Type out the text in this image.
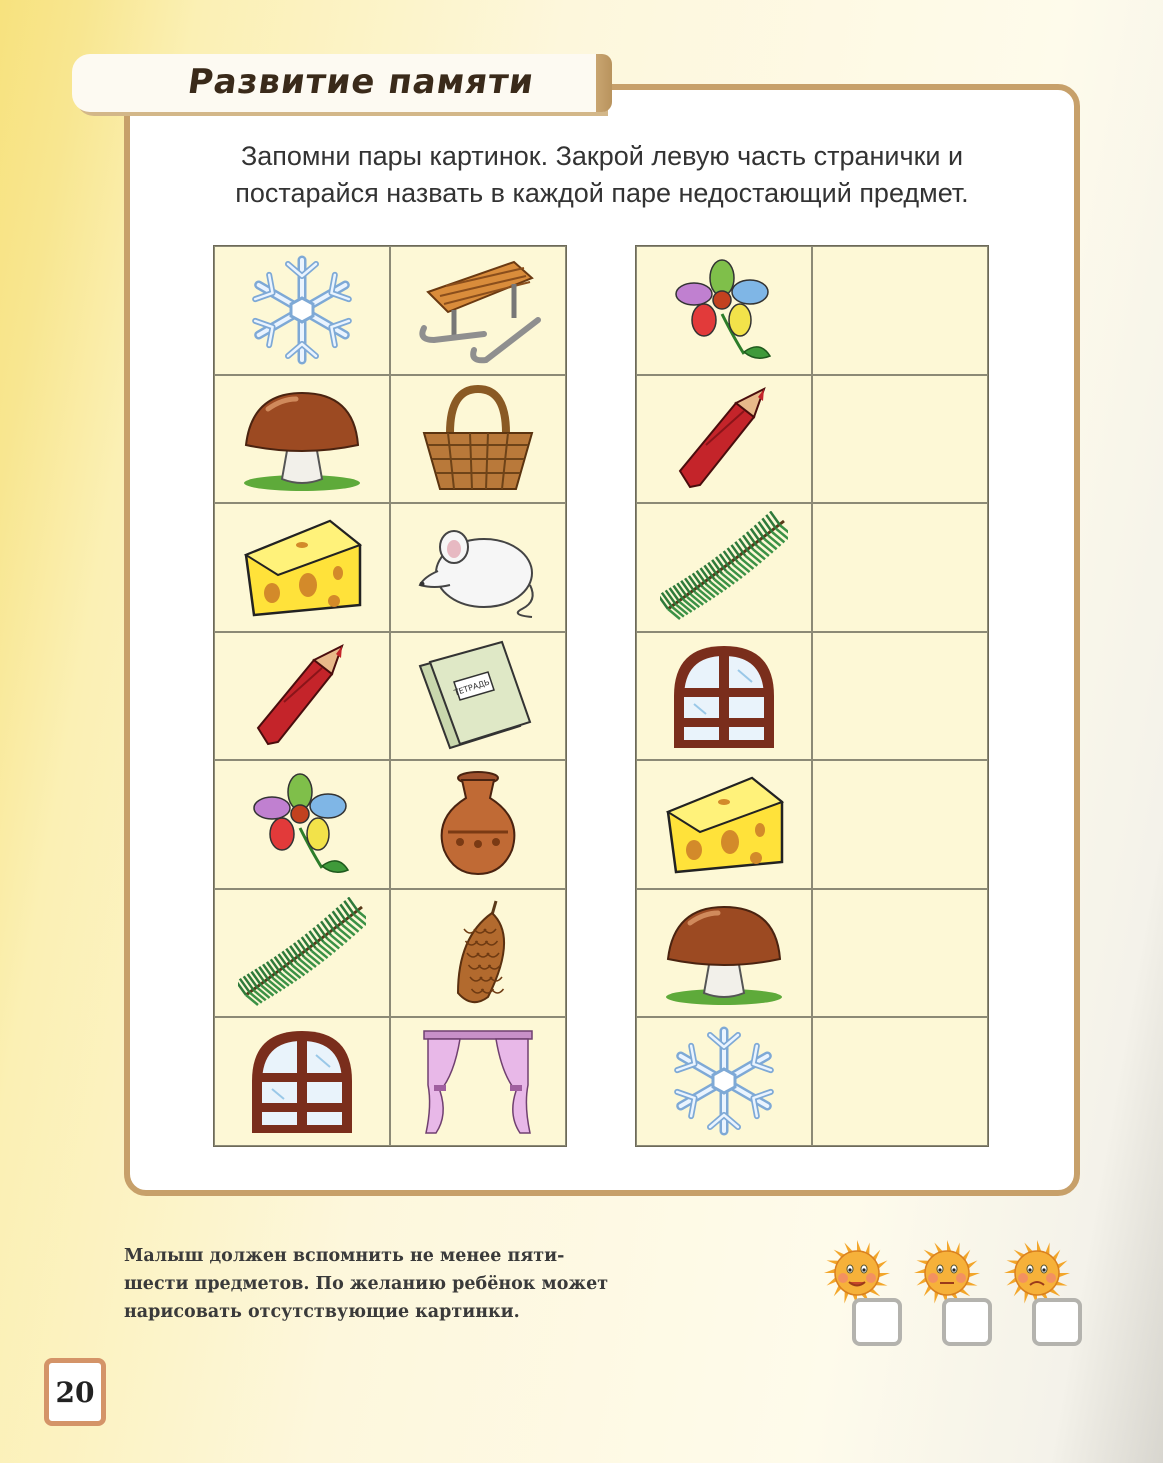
Развитие памяти
Запомни пары картинок. Закрой левую часть странички и
постарайся назвать в каждой паре недостающий предмет.
ТЕТРАДЬ
Малыш должен вспомнить не менее пяти-
шести предметов. По желанию ребёнок может
нарисовать отсутствующие картинки.
20
